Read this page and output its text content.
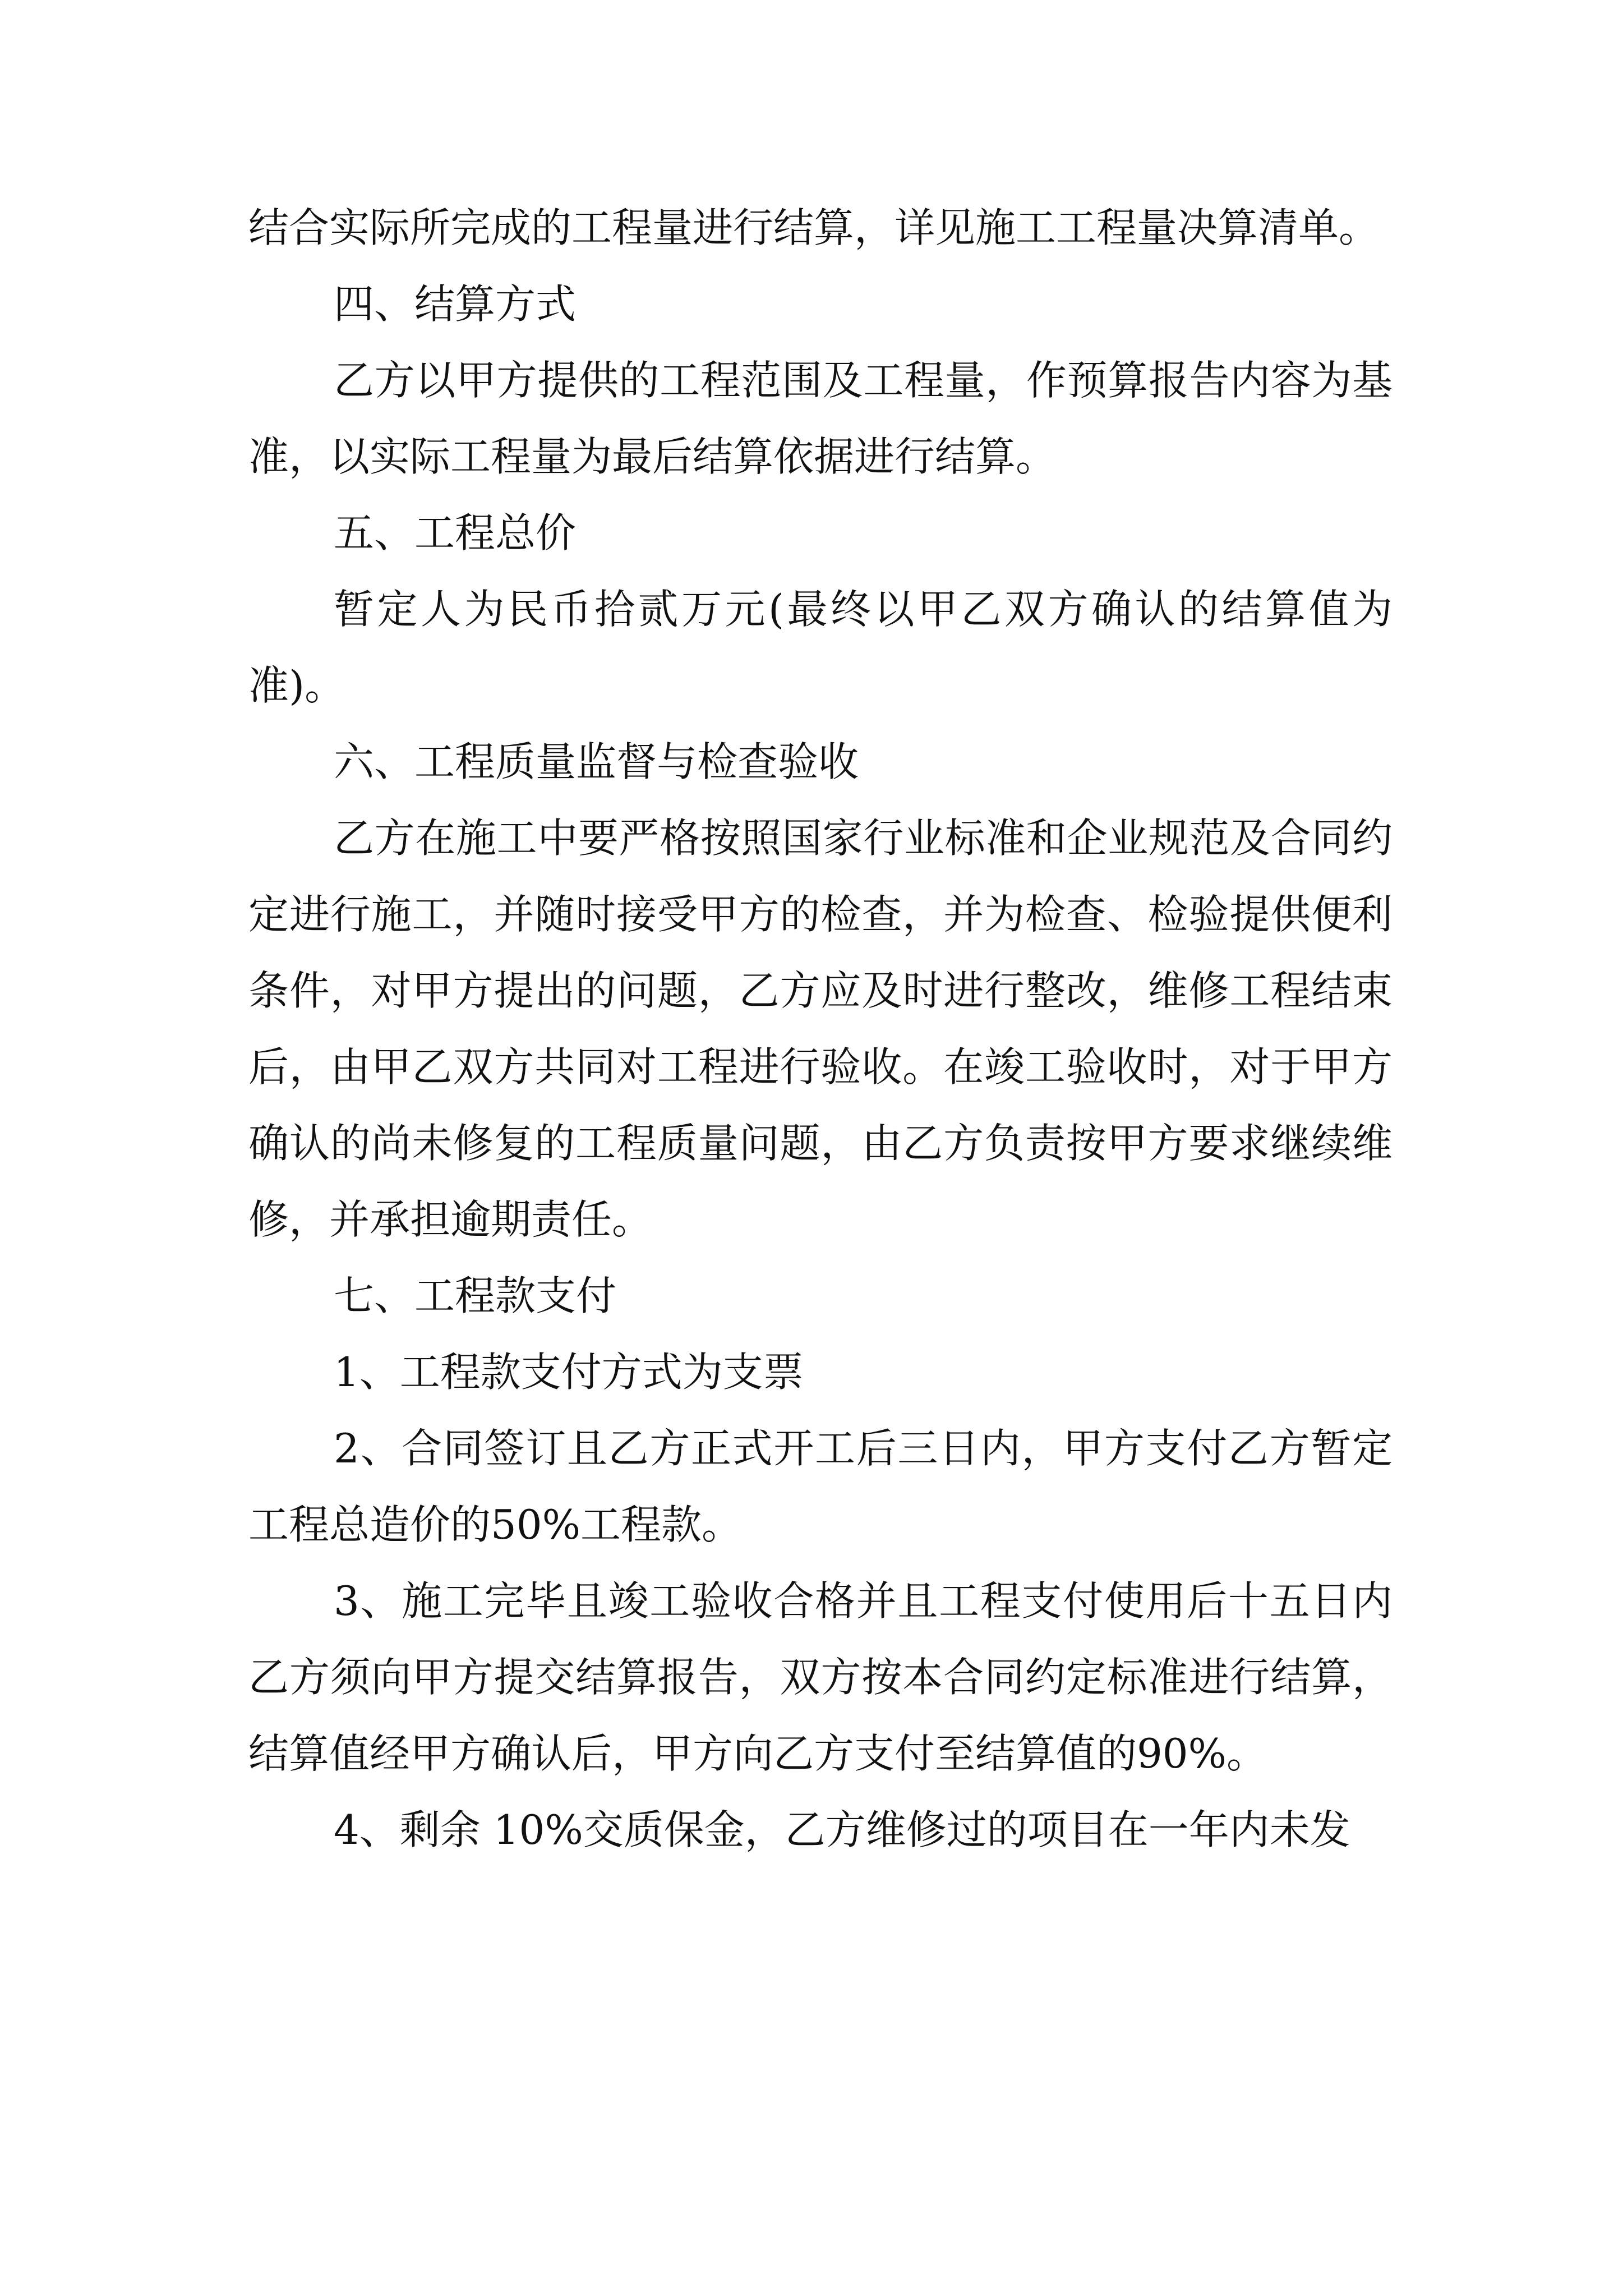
结合实际所完成的工程量进行结算，详见施工工程量决算清单。

四、结算方式

乙方以甲方提供的工程范围及工程量，作预算报告内容为基准，以实际工程量为最后结算依据进行结算。

五、工程总价

暂定人为民币拾贰万元(最终以甲乙双方确认的结算值为准)。

六、工程质量监督与检查验收

乙方在施工中要严格按照国家行业标准和企业规范及合同约定进行施工，并随时接受甲方的检查，并为检查、检验提供便利条件，对甲方提出的问题，乙方应及时进行整改，维修工程结束后，由甲乙双方共同对工程进行验收。在竣工验收时，对于甲方确认的尚未修复的工程质量问题，由乙方负责按甲方要求继续维修，并承担逾期责任。

七、工程款支付

1、工程款支付方式为支票

2、合同签订且乙方正式开工后三日内，甲方支付乙方暂定工程总造价的50%工程款。

3、施工完毕且竣工验收合格并且工程支付使用后十五日内乙方须向甲方提交结算报告，双方按本合同约定标准进行结算，结算值经甲方确认后，甲方向乙方支付至结算值的90%。

4、剩余 10%交质保金，乙方维修过的项目在一年内未发
